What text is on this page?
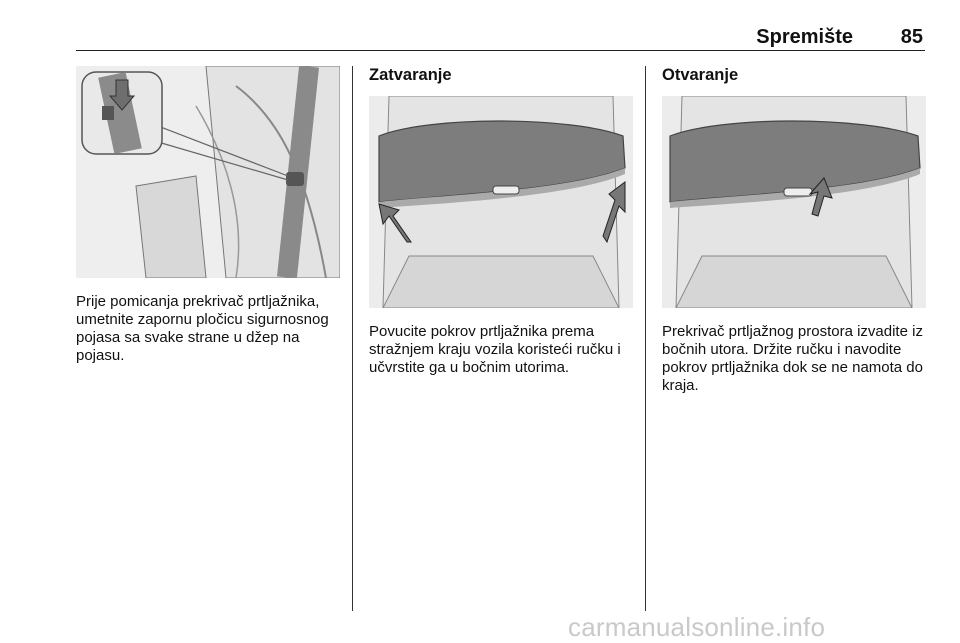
Spremište 85
Prije pomicanja prekrivač prtljažnika, umetnite zapornu pločicu sigurnosnog pojasa sa svake strane u džep na pojasu.
Zatvaranje
Povucite pokrov prtljažnika prema stražnjem kraju vozila koristeći ručku i učvrstite ga u bočnim utorima.
Otvaranje
Prekrivač prtljažnog prostora izvadite iz bočnih utora. Držite ručku i navodite pokrov prtljažnika dok se ne namota do kraja.
carmanualsonline.info
